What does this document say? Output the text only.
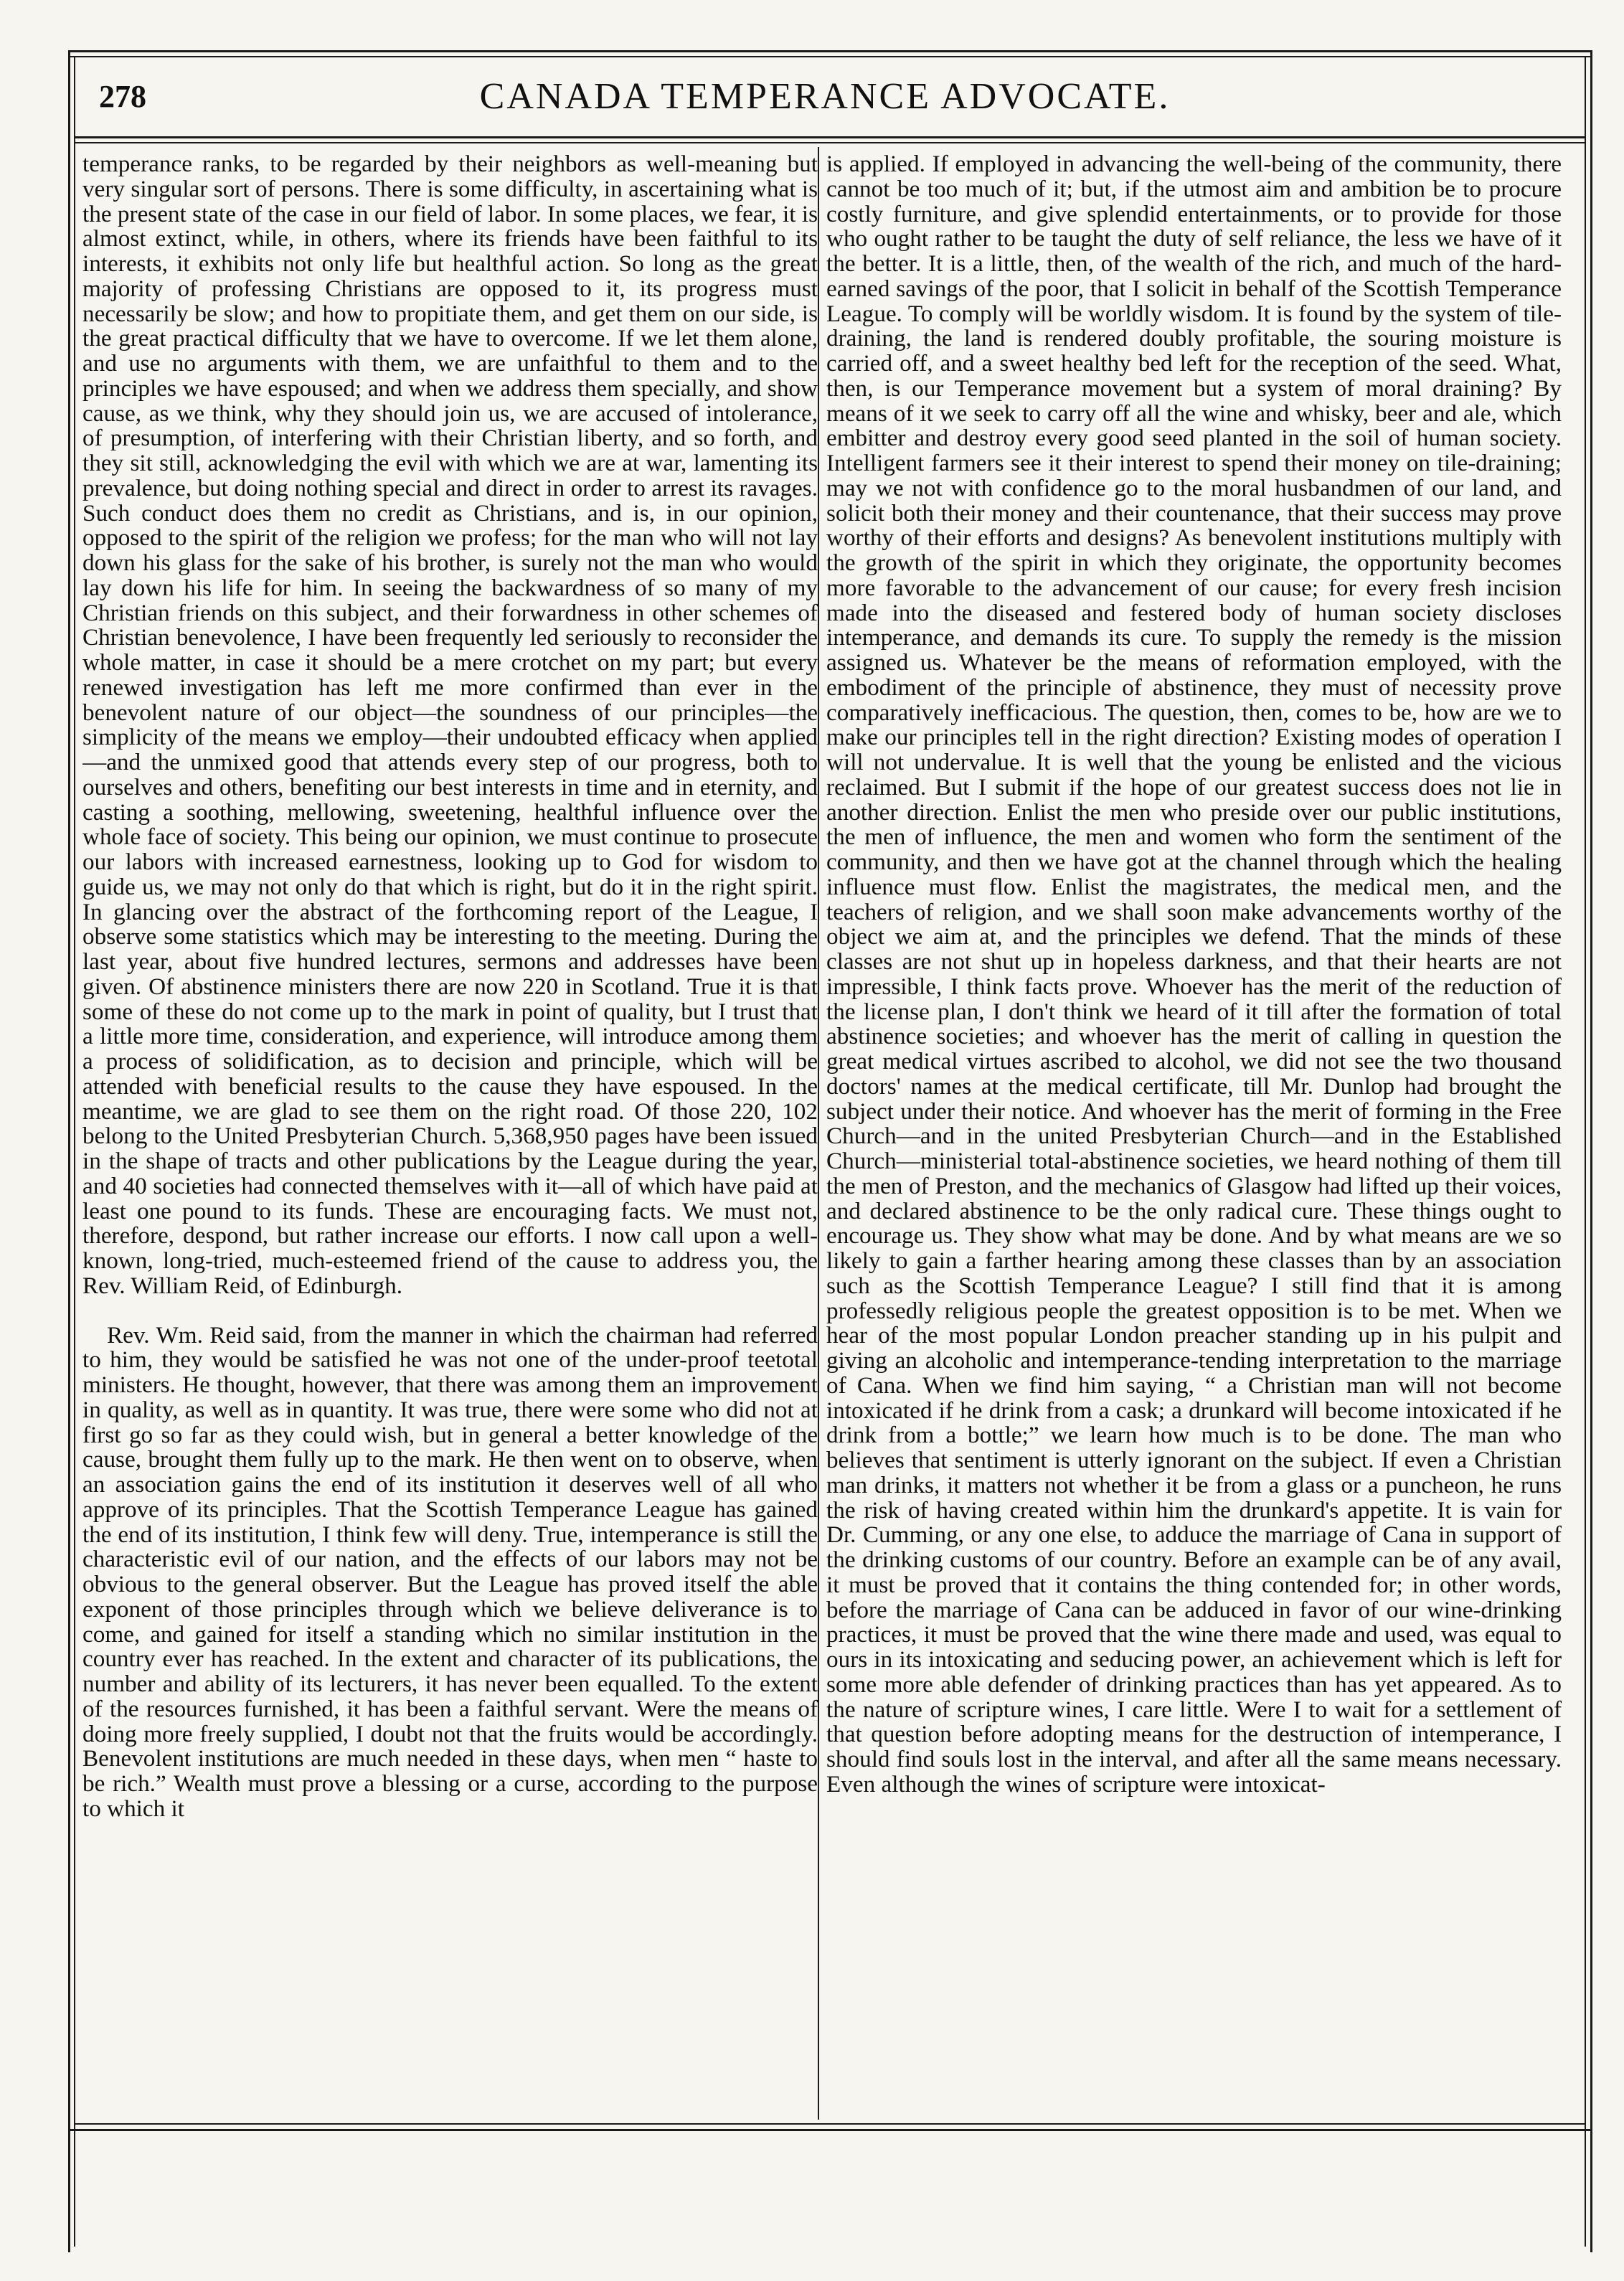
278	CANADA TEMPERANCE ADVOCATE.

temperance ranks, to be regarded by their neighbors as well-meaning but very singular sort of persons. There is some difficulty, in ascertaining what is the present state of the case in our field of labor. In some places, we fear, it is almost extinct, while, in others, where its friends have been faithful to its interests, it exhibits not only life but healthful action. So long as the great majority of professing Christians are opposed to it, its progress must necessarily be slow; and how to propitiate them, and get them on our side, is the great practical difficulty that we have to overcome. If we let them alone, and use no arguments with them, we are unfaithful to them and to the principles we have espoused; and when we address them specially, and show cause, as we think, why they should join us, we are accused of intolerance, of presumption, of interfering with their Christian liberty, and so forth, and they sit still, acknowledging the evil with which we are at war, lamenting its prevalence, but doing nothing special and direct in order to arrest its ravages. Such conduct does them no credit as Christians, and is, in our opinion, opposed to the spirit of the religion we profess; for the man who will not lay down his glass for the sake of his brother, is surely not the man who would lay down his life for him. In seeing the backwardness of so many of my Christian friends on this subject, and their forwardness in other schemes of Christian benevolence, I have been frequently led seriously to reconsider the whole matter, in case it should be a mere crotchet on my part; but every renewed investigation has left me more confirmed than ever in the benevolent nature of our object—the soundness of our principles—the simplicity of the means we employ—their undoubted efficacy when applied—and the unmixed good that attends every step of our progress, both to ourselves and others, benefiting our best interests in time and in eternity, and casting a soothing, mellowing, sweetening, healthful influence over the whole face of society. This being our opinion, we must continue to prosecute our labors with increased earnestness, looking up to God for wisdom to guide us, we may not only do that which is right, but do it in the right spirit. In glancing over the abstract of the forthcoming report of the League, I observe some statistics which may be interesting to the meeting. During the last year, about five hundred lectures, sermons and addresses have been given. Of abstinence ministers there are now 220 in Scotland. True it is that some of these do not come up to the mark in point of quality, but I trust that a little more time, consideration, and experience, will introduce among them a process of solidification, as to decision and principle, which will be attended with beneficial results to the cause they have espoused. In the meantime, we are glad to see them on the right road. Of those 220, 102 belong to the United Presbyterian Church. 5,368,950 pages have been issued in the shape of tracts and other publications by the League during the year, and 40 societies had connected themselves with it—all of which have paid at least one pound to its funds. These are encouraging facts. We must not, therefore, despond, but rather increase our efforts. I now call upon a well-known, long-tried, much-esteemed friend of the cause to address you, the Rev. William Reid, of Edinburgh.

Rev. Wm. Reid said, from the manner in which the chairman had referred to him, they would be satisfied he was not one of the under-proof teetotal ministers. He thought, however, that there was among them an improvement in quality, as well as in quantity. It was true, there were some who did not at first go so far as they could wish, but in general a better knowledge of the cause, brought them fully up to the mark. He then went on to observe, when an association gains the end of its institution it deserves well of all who approve of its principles. That the Scottish Temperance League has gained the end of its institution, I think few will deny. True, intemperance is still the characteristic evil of our nation, and the effects of our labors may not be obvious to the general observer. But the League has proved itself the able exponent of those principles through which we believe deliverance is to come, and gained for itself a standing which no similar institution in the country ever has reached. In the extent and character of its publications, the number and ability of its lecturers, it has never been equalled. To the extent of the resources furnished, it has been a faithful servant. Were the means of doing more freely supplied, I doubt not that the fruits would be accordingly. Benevolent institutions are much needed in these days, when men “ haste to be rich.” Wealth must prove a blessing or a curse, according to the purpose to which it

is applied. If employed in advancing the well-being of the community, there cannot be too much of it; but, if the utmost aim and ambition be to procure costly furniture, and give splendid entertainments, or to provide for those who ought rather to be taught the duty of self reliance, the less we have of it the better. It is a little, then, of the wealth of the rich, and much of the hard-earned savings of the poor, that I solicit in behalf of the Scottish Temperance League. To comply will be worldly wisdom. It is found by the system of tile-draining, the land is rendered doubly profitable, the souring moisture is carried off, and a sweet healthy bed left for the reception of the seed. What, then, is our Temperance movement but a system of moral draining? By means of it we seek to carry off all the wine and whisky, beer and ale, which embitter and destroy every good seed planted in the soil of human society. Intelligent farmers see it their interest to spend their money on tile-draining; may we not with confidence go to the moral husbandmen of our land, and solicit both their money and their countenance, that their success may prove worthy of their efforts and designs? As benevolent institutions multiply with the growth of the spirit in which they originate, the opportunity becomes more favorable to the advancement of our cause; for every fresh incision made into the diseased and festered body of human society discloses intemperance, and demands its cure. To supply the remedy is the mission assigned us. Whatever be the means of reformation employed, with the embodiment of the principle of abstinence, they must of necessity prove comparatively inefficacious. The question, then, comes to be, how are we to make our principles tell in the right direction? Existing modes of operation I will not undervalue. It is well that the young be enlisted and the vicious reclaimed. But I submit if the hope of our greatest success does not lie in another direction. Enlist the men who preside over our public institutions, the men of influence, the men and women who form the sentiment of the community, and then we have got at the channel through which the healing influence must flow. Enlist the magistrates, the medical men, and the teachers of religion, and we shall soon make advancements worthy of the object we aim at, and the principles we defend. That the minds of these classes are not shut up in hopeless darkness, and that their hearts are not impressible, I think facts prove. Whoever has the merit of the reduction of the license plan, I don't think we heard of it till after the formation of total abstinence societies; and whoever has the merit of calling in question the great medical virtues ascribed to alcohol, we did not see the two thousand doctors' names at the medical certificate, till Mr. Dunlop had brought the subject under their notice. And whoever has the merit of forming in the Free Church—and in the united Presbyterian Church—and in the Established Church—ministerial total-abstinence societies, we heard nothing of them till the men of Preston, and the mechanics of Glasgow had lifted up their voices, and declared abstinence to be the only radical cure. These things ought to encourage us. They show what may be done. And by what means are we so likely to gain a farther hearing among these classes than by an association such as the Scottish Temperance League? I still find that it is among professedly religious people the greatest opposition is to be met. When we hear of the most popular London preacher standing up in his pulpit and giving an alcoholic and intemperance-tending interpretation to the marriage of Cana. When we find him saying, “ a Christian man will not become intoxicated if he drink from a cask; a drunkard will become intoxicated if he drink from a bottle;” we learn how much is to be done. The man who believes that sentiment is utterly ignorant on the subject. If even a Christian man drinks, it matters not whether it be from a glass or a puncheon, he runs the risk of having created within him the drunkard's appetite. It is vain for Dr. Cumming, or any one else, to adduce the marriage of Cana in support of the drinking customs of our country. Before an example can be of any avail, it must be proved that it contains the thing contended for; in other words, before the marriage of Cana can be adduced in favor of our wine-drinking practices, it must be proved that the wine there made and used, was equal to ours in its intoxicating and seducing power, an achievement which is left for some more able defender of drinking practices than has yet appeared. As to the nature of scripture wines, I care little. Were I to wait for a settlement of that question before adopting means for the destruction of intemperance, I should find souls lost in the interval, and after all the same means necessary. Even although the wines of scripture were intoxicat-
